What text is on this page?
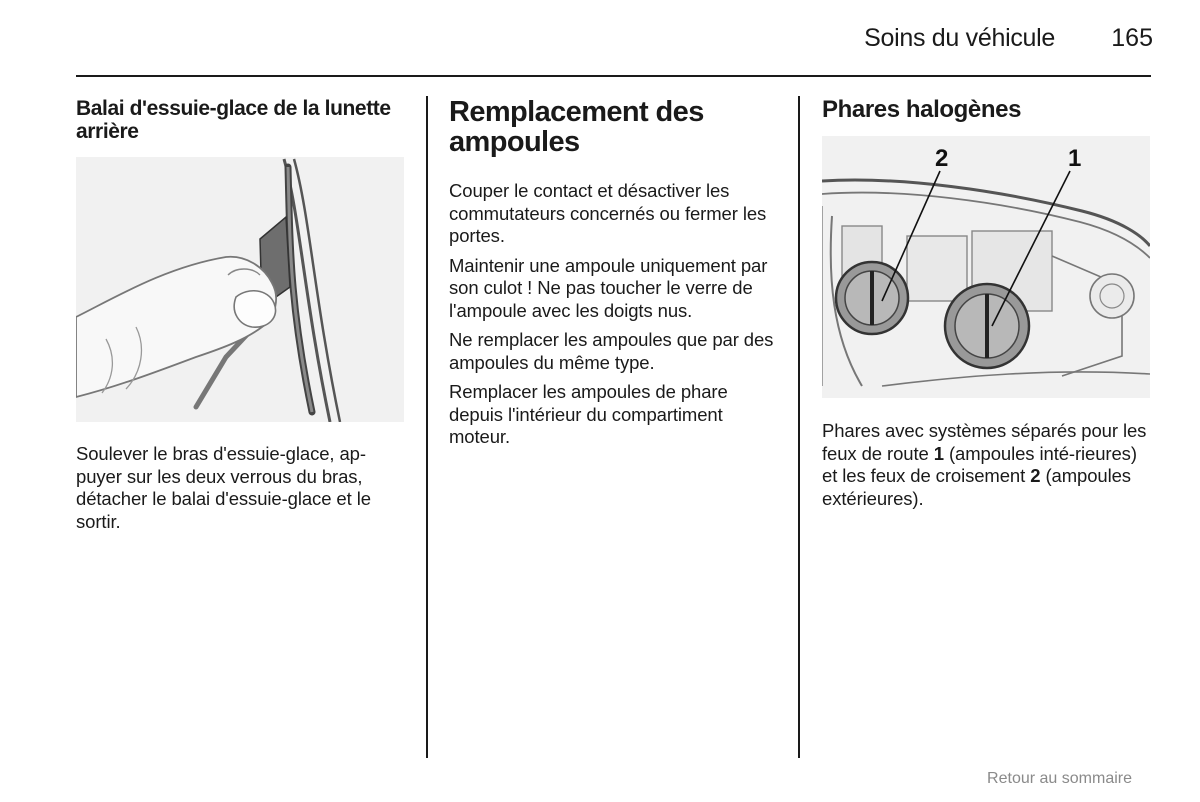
Soins du véhicule	165
Balai d'essuie-glace de la lunette arrière

Soulever le bras d'essuie-glace, ap-puyer sur les deux verrous du bras, détacher le balai d'essuie-glace et le sortir.

Remplacement des ampoules

Couper le contact et désactiver les commutateurs concernés ou fermer les portes.

Maintenir une ampoule uniquement par son culot ! Ne pas toucher le verre de l'ampoule avec les doigts nus.

Ne remplacer les ampoules que par des ampoules du même type.

Remplacer les ampoules de phare depuis l'intérieur du compartiment moteur.

Phares halogènes
2	1

Phares avec systèmes séparés pour les feux de route 1 (ampoules inté-rieures) et les feux de croisement 2 (ampoules extérieures).

Retour au sommaire
